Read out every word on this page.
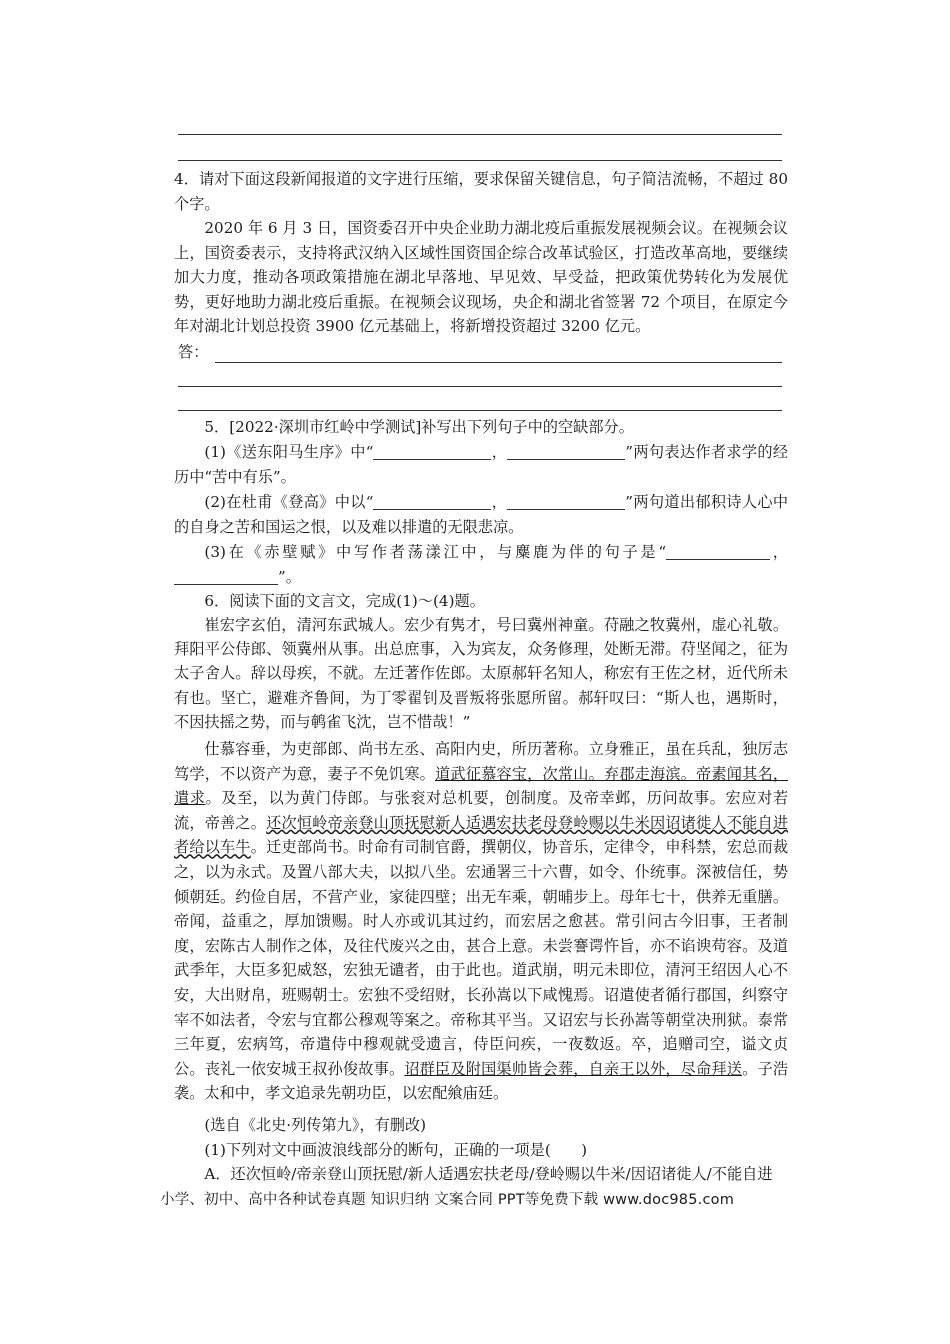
4．请对下面这段新闻报道的文字进行压缩，要求保留关键信息，句子简洁流畅，不超过 80 个字。

2020 年 6 月 3 日，国资委召开中央企业助力湖北疫后重振发展视频会议。在视频会议上，国资委表示，支持将武汉纳入区域性国资国企综合改革试验区，打造改革高地，要继续加大力度，推动各项政策措施在湖北早落地、早见效、早受益，把政策优势转化为发展优势，更好地助力湖北疫后重振。在视频会议现场，央企和湖北省签署 72 个项目，在原定今年对湖北计划总投资 3900 亿元基础上，将新增投资超过 3200 亿元。

答：

5．[2022·深圳市红岭中学测试]补写出下列句子中的空缺部分。

(1)《送东阳马生序》中“	，	”两句表达作者求学的经历中“苦中有乐”。

(2)在杜甫《登高》中以“	，	”两句道出郁积诗人心中的自身之苦和国运之恨，以及难以排遣的无限悲凉。

(3)在《赤壁赋》中写作者荡漾江中，与麋鹿为伴的句子是“	，”。

6．阅读下面的文言文，完成(1)～(4)题。

崔宏字玄伯，清河东武城人。宏少有隽才，号曰冀州神童。苻融之牧冀州，虚心礼敬。拜阳平公侍郎、领冀州从事。出总庶事，入为宾友，众务修理，处断无滞。苻坚闻之，征为太子舍人。辞以母疾，不就。左迁著作佐郎。太原郝轩名知人，称宏有王佐之材，近代所未有也。坚亡，避难齐鲁间，为丁零翟钊及晋叛将张愿所留。郝轩叹曰：“斯人也，遇斯时，不因扶摇之势，而与鹌雀飞沈，岂不惜哉！”

仕慕容垂，为吏部郎、尚书左丞、高阳内史，所历著称。立身雅正，虽在兵乱，独厉志笃学，不以资产为意，妻子不免饥寒。道武征慕容宝，次常山。弃郡走海滨。帝素闻其名，遣求。及至，以为黄门侍郎。与张衮对总机要，创制度。及帝幸邺，历问故事。宏应对若流，帝善之。还次恒岭帝亲登山顶抚慰新人适遇宏扶老母登岭赐以牛米因诏诸徙人不能自进者给以车牛。迁吏部尚书。时命有司制官爵，撰朝仪，协音乐，定律令，申科禁，宏总而裁之，以为永式。及置八部大夫，以拟八坐。宏通署三十六曹，如令、仆统事。深被信任，势倾朝廷。约俭自居，不营产业，家徒四壁；出无车乘，朝晡步上。母年七十，供养无重膳。帝闻，益重之，厚加馈赐。时人亦或讥其过约，而宏居之愈甚。常引问古今旧事，王者制度，宏陈古人制作之体，及往代废兴之由，甚合上意。未尝謇谔忤旨，亦不谄谀苟容。及道武季年，大臣多犯威怒，宏独无谴者，由于此也。道武崩，明元未即位，清河王绍因人心不安，大出财帛，班赐朝士。宏独不受绍财，长孙嵩以下咸愧焉。诏遣使者循行郡国，纠察守宰不如法者，令宏与宜都公穆观等案之。帝称其平当。又诏宏与长孙嵩等朝堂决刑狱。泰常三年夏，宏病笃，帝遣侍中穆观就受遗言，侍臣问疾，一夜数返。卒，追赠司空，谥文贞公。丧礼一依安城王叔孙俊故事。诏群臣及附国渠帅皆会葬，自亲王以外，尽命拜送。子浩袭。太和中，孝文追录先朝功臣，以宏配飨庙廷。

(选自《北史·列传第九》，有删改)

(1)下列对文中画波浪线部分的断句，正确的一项是(　　)

A．还次恒岭/帝亲登山顶抚慰/新人适遇宏扶老母/登岭赐以牛米/因诏诸徙人/不能自进

小学、初中、高中各种试卷真题 知识归纳 文案合同 PPT等免费下载 www.doc985.com
